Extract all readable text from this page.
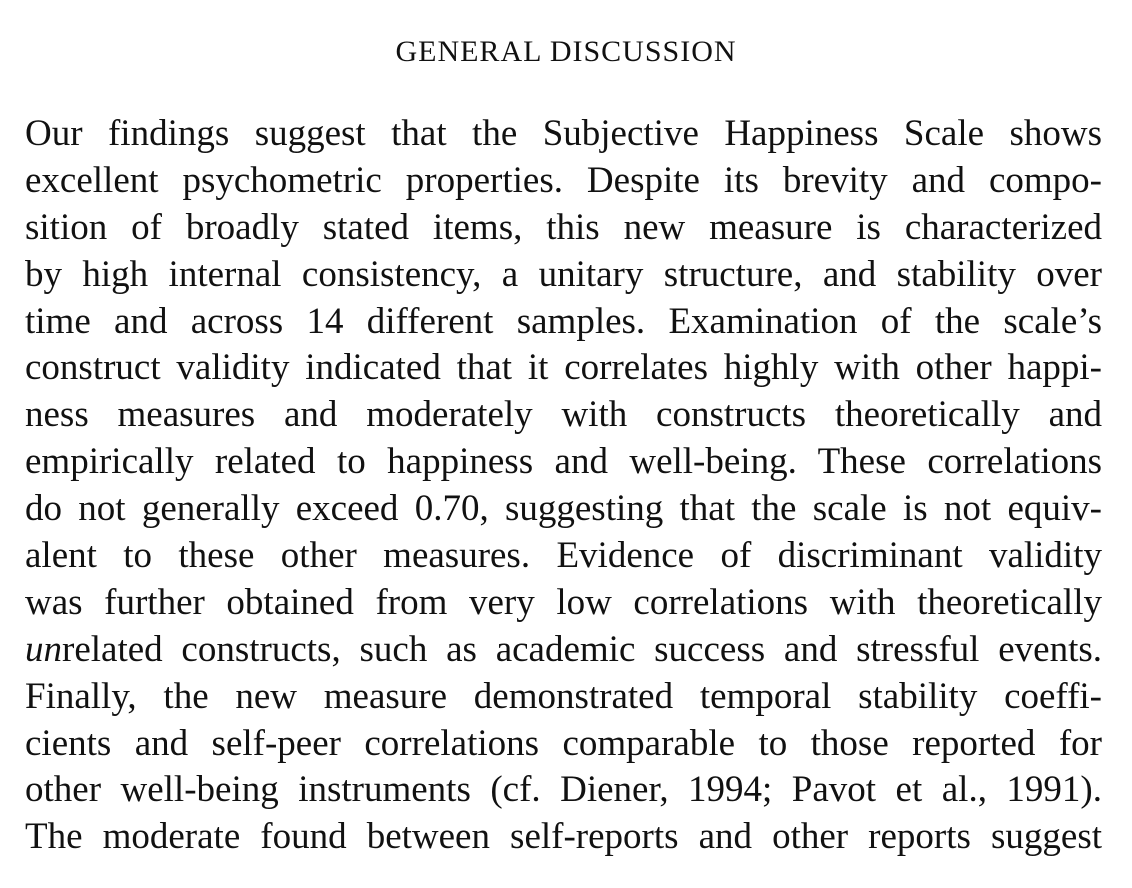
GENERAL DISCUSSION
Our findings suggest that the Subjective Happiness Scale shows
excellent psychometric properties. Despite its brevity and compo-
sition of broadly stated items, this new measure is characterized
by high internal consistency, a unitary structure, and stability over
time and across 14 different samples. Examination of the scale’s
construct validity indicated that it correlates highly with other happi-
ness measures and moderately with constructs theoretically and
empirically related to happiness and well-being. These correlations
do not generally exceed 0.70, suggesting that the scale is not equiv-
alent to these other measures. Evidence of discriminant validity
was further obtained from very low correlations with theoretically
unrelated constructs, such as academic success and stressful events.
Finally, the new measure demonstrated temporal stability coeffi-
cients and self-peer correlations comparable to those reported for
other well-being instruments (cf. Diener, 1994; Pavot et al., 1991).
The moderate found between self-reports and other reports suggest
